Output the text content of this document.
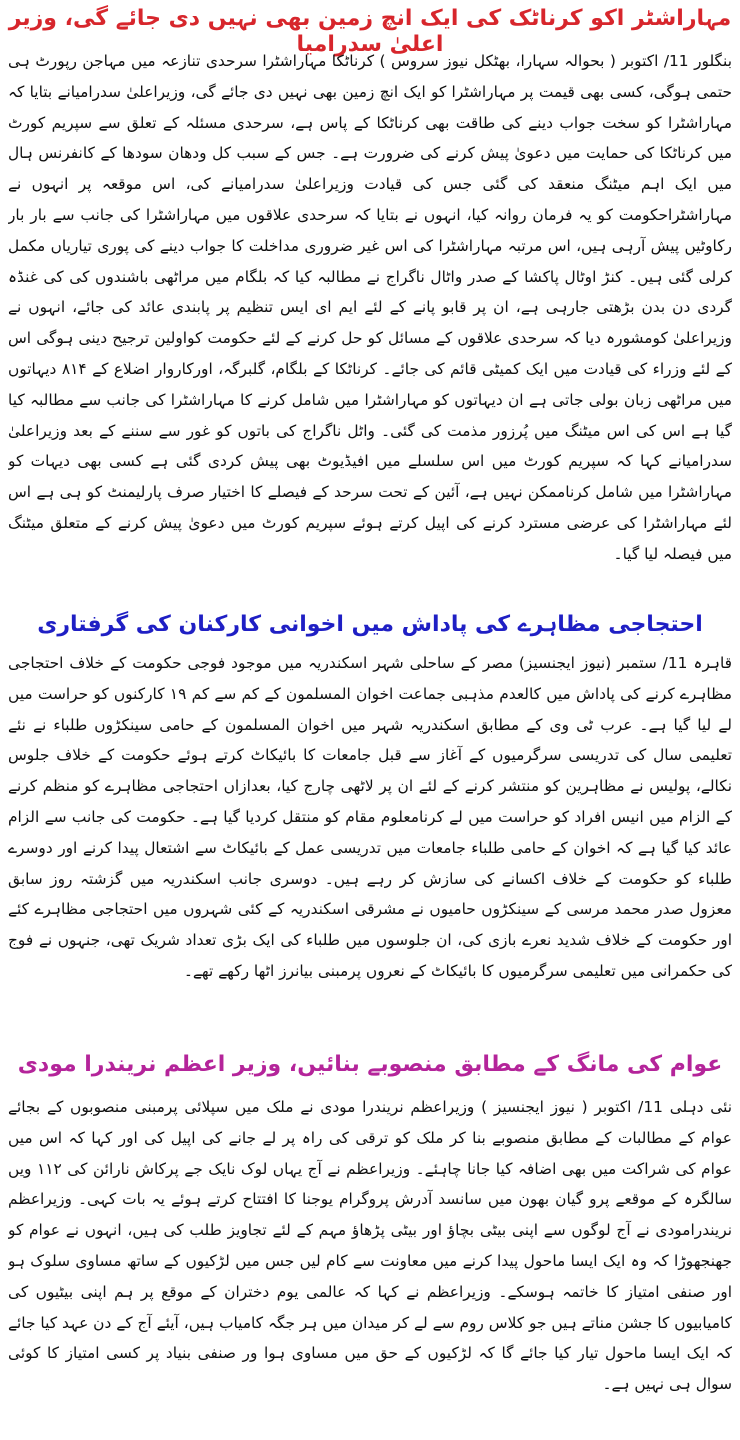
مہاراشٹر اکو کرناٹک کی ایک انچ زمین بھی نہیں دی جائے گی، وزیر اعلیٰ سدرامیا

بنگلور 11/ اکتوبر ( بحوالہ سہارا، بھٹکل نیوز سروس ) کرناٹکا مہاراشٹرا سرحدی تنازعہ میں مہاجن رپورٹ ہی حتمی ہوگی، کسی بھی قیمت پر مہاراشٹرا کو ایک انچ زمین بھی نہیں دی جائے گی، وزیراعلیٰ سدرامیانے بتایا کہ مہاراشٹرا کو سخت جواب دینے کی طاقت بھی کرناٹکا کے پاس ہے، سرحدی مسئلہ کے تعلق سے سپریم کورٹ میں کرناٹکا کی حمایت میں دعویٰ پیش کرنے کی ضرورت ہے۔ جس کے سبب کل ودھان سودھا کے کانفرنس ہال میں ایک اہم میٹنگ منعقد کی گئی جس کی قیادت وزیراعلیٰ سدرامیانے کی، اس موقعہ پر انہوں نے مہاراشٹراحکومت کو یہ فرمان روانہ کیا، انہوں نے بتایا کہ سرحدی علاقوں میں مہاراشٹرا کی جانب سے بار بار رکاوٹیں پیش آرہی ہیں، اس مرتبہ مہاراشٹرا کی اس غیر ضروری مداخلت کا جواب دینے کی پوری تیاریاں مکمل کرلی گئی ہیں۔ کنڑ اوٹال پاکشا کے صدر واٹال ناگراج نے مطالبہ کیا کہ بلگام میں مراٹھی باشندوں کی کی غنڈہ گردی دن بدن بڑھتی جارہی ہے، ان پر قابو پانے کے لئے ایم ای ایس تنظیم پر پابندی عائد کی جائے، انہوں نے وزیراعلیٰ کومشورہ دیا کہ سرحدی علاقوں کے مسائل کو حل کرنے کے لئے حکومت کواولین ترجیح دینی ہوگی اس کے لئے وزراء کی قیادت میں ایک کمیٹی قائم کی جائے۔ کرناٹکا کے بلگام، گلبرگہ، اورکاروار اضلاع کے ۸۱۴ دیہاتوں میں مراٹھی زبان بولی جاتی ہے ان دیہاتوں کو مہاراشٹرا میں شامل کرنے کا مہاراشٹرا کی جانب سے مطالبہ کیا گیا ہے اس کی اس میٹنگ میں پُرزور مذمت کی گئی۔ واٹل ناگراج کی باتوں کو غور سے سننے کے بعد وزیراعلیٰ سدرامیانے کہا کہ سپریم کورٹ میں اس سلسلے میں افیڈیوٹ بھی پیش کردی گئی ہے کسی بھی دیہات کو مہاراشٹرا میں شامل کرناممکن نہیں ہے، آئین کے تحت سرحد کے فیصلے کا اختیار صرف پارلیمنٹ کو ہی ہے اس لئے مہاراشٹرا کی عرضی مسترد کرنے کی اپیل کرتے ہوئے سپریم کورٹ میں دعویٰ پیش کرنے کے متعلق میٹنگ میں فیصلہ لیا گیا۔

احتجاجی مظاہرے کی پاداش میں اخوانی کارکنان کی گرفتاری

قاہرہ 11/ ستمبر (نیوز ایجنسیز) مصر کے ساحلی شہر اسکندریہ میں موجود فوجی حکومت کے خلاف احتجاجی مظاہرے کرنے کی پاداش میں کالعدم مذہبی جماعت اخوان المسلمون کے کم سے کم ۱۹ کارکنوں کو حراست میں لے لیا گیا ہے۔ عرب ٹی وی کے مطابق اسکندریہ شہر میں اخوان المسلمون کے حامی سینکڑوں طلباء نے نئے تعلیمی سال کی تدریسی سرگرمیوں کے آغاز سے قبل جامعات کا بائیکاٹ کرتے ہوئے حکومت کے خلاف جلوس نکالے، پولیس نے مظاہرین کو منتشر کرنے کے لئے ان پر لاٹھی چارج کیا، بعدازاں احتجاجی مظاہرے کو منظم کرنے کے الزام میں انیس افراد کو حراست میں لے کرنامعلوم مقام کو منتقل کردیا گیا ہے۔ حکومت کی جانب سے الزام عائد کیا گیا ہے کہ اخوان کے حامی طلباء جامعات میں تدریسی عمل کے بائیکاٹ سے اشتعال پیدا کرنے اور دوسرے طلباء کو حکومت کے خلاف اکسانے کی سازش کر رہے ہیں۔ دوسری جانب اسکندریہ میں گزشتہ روز سابق معزول صدر محمد مرسی کے سینکڑوں حامیوں نے مشرقی اسکندریہ کے کئی شہروں میں احتجاجی مظاہرے کئے اور حکومت کے خلاف شدید نعرے بازی کی، ان جلوسوں میں طلباء کی ایک بڑی تعداد شریک تھی، جنہوں نے فوج کی حکمرانی میں تعلیمی سرگرمیوں کا بائیکاٹ کے نعروں پرمبنی بیانرز اٹھا رکھے تھے۔

عوام کی مانگ کے مطابق منصوبے بنائیں، وزیر اعظم نریندرا مودی

نئی دہلی 11/ اکتوبر ( نیوز ایجنسیز ) وزیراعظم نریندرا مودی نے ملک میں سپلائی پرمبنی منصوبوں کے بجائے عوام کے مطالبات کے مطابق منصوبے بنا کر ملک کو ترقی کی راہ پر لے جانے کی اپیل کی اور کہا کہ اس میں عوام کی شراکت میں بھی اضافہ کیا جانا چاہئے۔ وزیراعظم نے آج یہاں لوک نایک جے پرکاش نارائن کی ۱۱۲ ویں سالگرہ کے موقعے پرو گیان بھون میں سانسد آدرش پروگرام یوجنا کا افتتاح کرتے ہوئے یہ بات کہی۔ وزیراعظم نریندرامودی نے آج لوگوں سے اپنی بیٹی بچاؤ اور بیٹی پڑھاؤ مہم کے لئے تجاویز طلب کی ہیں، انہوں نے عوام کو جھنجھوڑا کہ وہ ایک ایسا ماحول پیدا کرنے میں معاونت سے کام لیں جس میں لڑکیوں کے ساتھ مساوی سلوک ہو اور صنفی امتیاز کا خاتمہ ہوسکے۔ وزیراعظم نے کہا کہ عالمی یوم دختران کے موقع پر ہم اپنی بیٹیوں کی کامیابیوں کا جشن مناتے ہیں جو کلاس روم سے لے کر میدان میں ہر جگہ کامیاب ہیں، آیئے آج کے دن عہد کیا جائے کہ ایک ایسا ماحول تیار کیا جائے گا کہ لڑکیوں کے حق میں مساوی ہوا ور صنفی بنیاد پر کسی امتیاز کا کوئی سوال ہی نہیں ہے۔
